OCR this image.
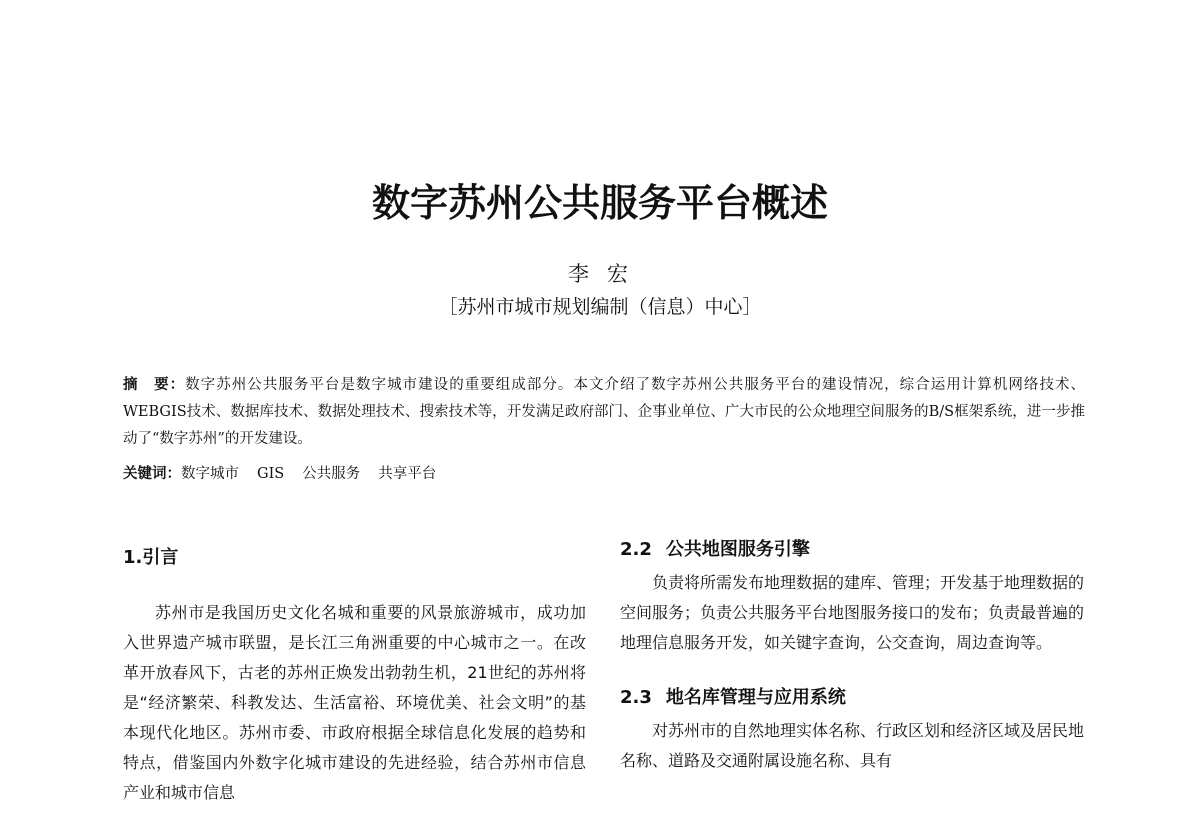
数字苏州公共服务平台概述
李宏
［苏州市城市规划编制（信息）中心］
摘　要：数字苏州公共服务平台是数字城市建设的重要组成部分。本文介绍了数字苏州公共服务平台的建设情况，综合运用计算机网络技术、WEBGIS技术、数据库技术、数据处理技术、搜索技术等，开发满足政府部门、企事业单位、广大市民的公众地理空间服务的B/S框架系统，进一步推动了“数字苏州”的开发建设。
关键词：数字城市 GIS 公共服务 共享平台
1.引言

苏州市是我国历史文化名城和重要的风景旅游城市，成功加入世界遗产城市联盟，是长江三角洲重要的中心城市之一。在改革开放春风下，古老的苏州正焕发出勃勃生机，21世纪的苏州将是“经济繁荣、科教发达、生活富裕、环境优美、社会文明”的基本现代化地区。苏州市委、市政府根据全球信息化发展的趋势和特点，借鉴国内外数字化城市建设的先进经验，结合苏州市信息产业和城市信息

2.2 公共地图服务引擎

负责将所需发布地理数据的建库、管理；开发基于地理数据的空间服务；负责公共服务平台地图服务接口的发布；负责最普遍的地理信息服务开发，如关键字查询，公交查询，周边查询等。

2.3 地名库管理与应用系统

对苏州市的自然地理实体名称、行政区划和经济区域及居民地名称、道路及交通附属设施名称、具有
